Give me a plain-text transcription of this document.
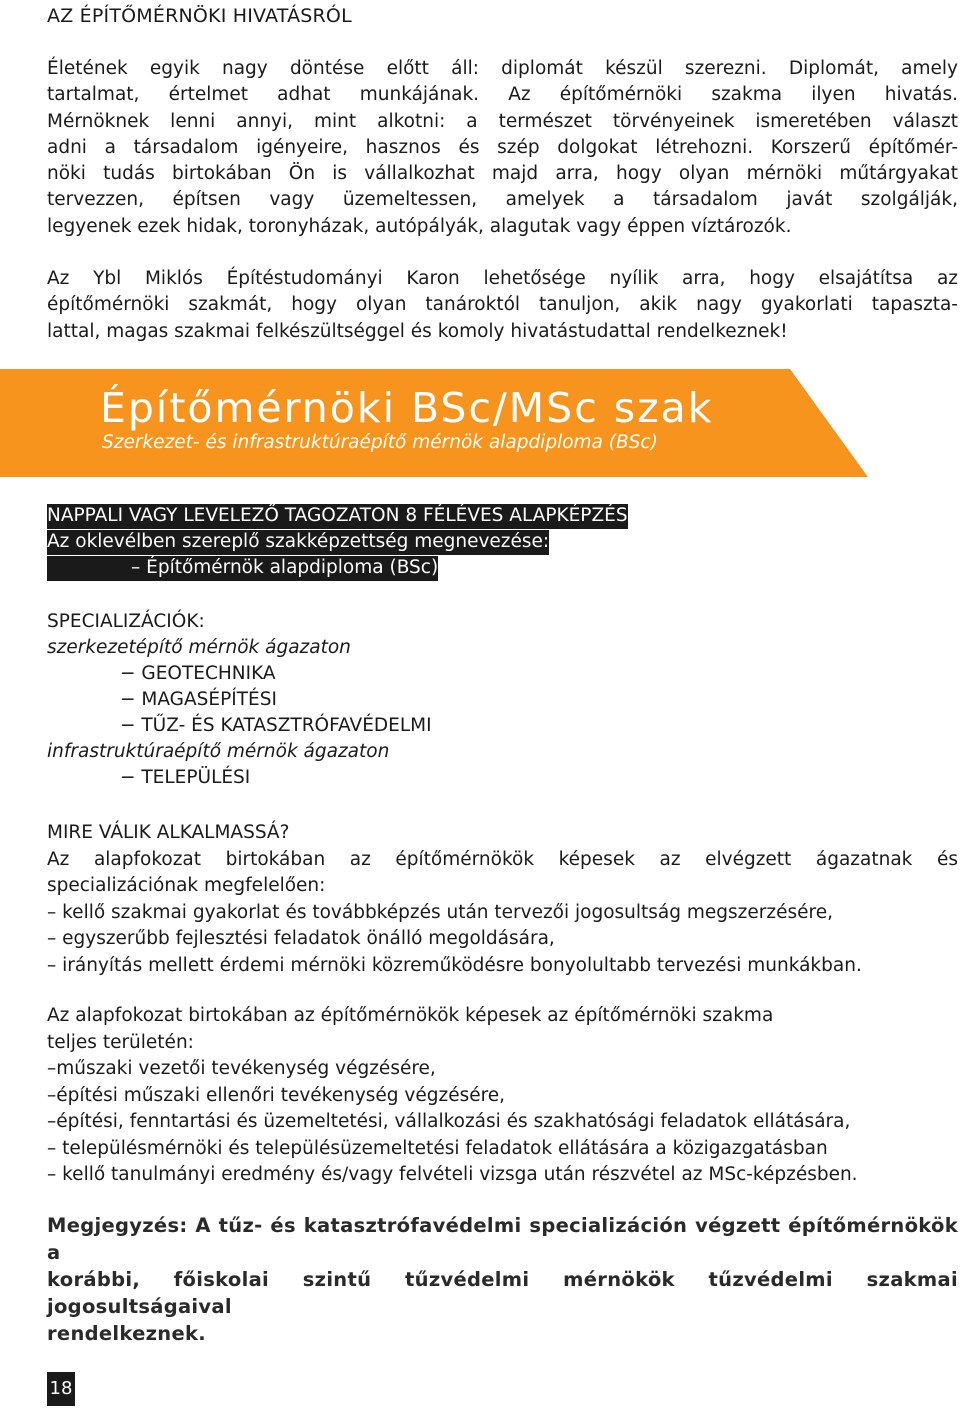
AZ ÉPÍTŐMÉRNÖKI HIVATÁSRÓL
Életének egyik nagy döntése előtt áll: diplomát készül szerezni. Diplomát, amely
tartalmat, értelmet adhat munkájának. Az építőmérnöki szakma ilyen hivatás.
Mérnöknek lenni annyi, mint alkotni: a természet törvényeinek ismeretében választ
adni a társadalom igényeire, hasznos és szép dolgokat létrehozni. Korszerű építőmér-
nöki tudás birtokában Ön is vállalkozhat majd arra, hogy olyan mérnöki műtárgyakat
tervezzen, építsen vagy üzemeltessen, amelyek a társadalom javát szolgálják,
legyenek ezek hidak, toronyházak, autópályák, alagutak vagy éppen víztározók.
Az Ybl Miklós Építéstudományi Karon lehetősége nyílik arra, hogy elsajátítsa az
építőmérnöki szakmát, hogy olyan tanároktól tanuljon, akik nagy gyakorlati tapaszta-
lattal, magas szakmai felkészültséggel és komoly hivatástudattal rendelkeznek!
Építőmérnöki BSc/MSc szak
Szerkezet- és infrastruktúraépítő mérnök alapdiploma (BSc)
NAPPALI VAGY LEVELEZŐ TAGOZATON 8 FÉLÉVES ALAPKÉPZÉS
Az oklevélben szereplő szakképzettség megnevezése:
– Építőmérnök alapdiploma (BSc)
SPECIALIZÁCIÓK:
szerkezetépítő mérnök ágazaton
− GEOTECHNIKA
− MAGASÉPÍTÉSI
− TŰZ- ÉS KATASZTRÓFAVÉDELMI
infrastruktúraépítő mérnök ágazaton
− TELEPÜLÉSI
MIRE VÁLIK ALKALMASSÁ?
Az alapfokozat birtokában az építőmérnökök képesek az elvégzett ágazatnak és
specializációnak megfelelően:
– kellő szakmai gyakorlat és továbbképzés után tervezői jogosultság megszerzésére,
– egyszerűbb fejlesztési feladatok önálló megoldására,
– irányítás mellett érdemi mérnöki közreműködésre bonyolultabb tervezési munkákban.
Az alapfokozat birtokában az építőmérnökök képesek az építőmérnöki szakma
teljes területén:
–műszaki vezetői tevékenység végzésére,
–építési műszaki ellenőri tevékenység végzésére,
–építési, fenntartási és üzemeltetési, vállalkozási és szakhatósági feladatok ellátására,
– településmérnöki és településüzemeltetési feladatok ellátására a közigazgatásban
– kellő tanulmányi eredmény és/vagy felvételi vizsga után részvétel az MSc-képzésben.
Megjegyzés: A tűz- és katasztrófavédelmi specializáción végzett építőmérnökök a
korábbi, főiskolai szintű tűzvédelmi mérnökök tűzvédelmi szakmai jogosultságaival
rendelkeznek.
18
